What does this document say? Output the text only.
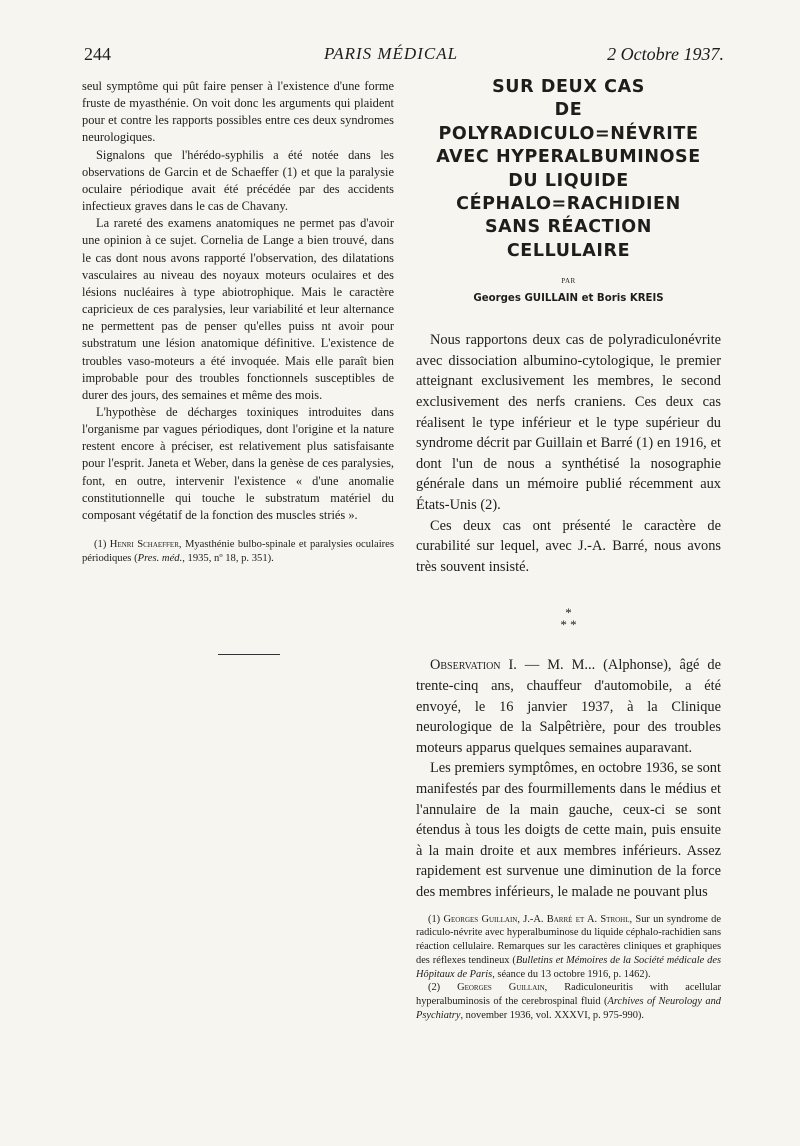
244	PARIS MÉDICAL	2 Octobre 1937.

seul symptôme qui pût faire penser à l'existence d'une forme fruste de myasthénie. On voit donc les arguments qui plaident pour et contre les rapports possibles entre ces deux syndromes neurologiques.

Signalons que l'hérédo-syphilis a été notée dans les observations de Garcin et de Schaeffer (1) et que la paralysie oculaire périodique avait été précédée par des accidents infectieux graves dans le cas de Chavany.

La rareté des examens anatomiques ne permet pas d'avoir une opinion à ce sujet. Cornelia de Lange a bien trouvé, dans le cas dont nous avons rapporté l'observation, des dilatations vasculaires au niveau des noyaux moteurs oculaires et des lésions nucléaires à type abiotrophique. Mais le caractère capricieux de ces paralysies, leur variabilité et leur alternance ne permettent pas de penser qu'elles puiss nt avoir pour substratum une lésion anatomique définitive. L'existence de troubles vaso-moteurs a été invoquée. Mais elle paraît bien improbable pour des troubles fonctionnels susceptibles de durer des jours, des semaines et même des mois.

L'hypothèse de décharges toxiniques introduites dans l'organisme par vagues périodiques, dont l'origine et la nature restent encore à préciser, est relativement plus satisfaisante pour l'esprit. Janeta et Weber, dans la genèse de ces paralysies, font, en outre, intervenir l'existence « d'une anomalie constitutionnelle qui touche le substratum matériel du composant végétatif de la fonction des muscles striés ».

(1) Henri Schaeffer, Myasthénie bulbo-spinale et paralysies oculaires périodiques (Pres. méd., 1935, nº 18, p. 351).

SUR DEUX CAS

DE

POLYRADICULO=NÉVRITE

AVEC HYPERALBUMINOSE

DU LIQUIDE

CÉPHALO=RACHIDIEN

SANS RÉACTION

CELLULAIRE

PAR
Georges GUILLAIN et Boris KREIS

Nous rapportons deux cas de polyradiculonévrite avec dissociation albumino-cytologique, le premier atteignant exclusivement les membres, le second exclusivement des nerfs craniens. Ces deux cas réalisent le type inférieur et le type supérieur du syndrome décrit par Guillain et Barré (1) en 1916, et dont l'un de nous a synthétisé la nosographie générale dans un mémoire publié récemment aux États-Unis (2).

Ces deux cas ont présenté le caractère de curabilité sur lequel, avec J.-A. Barré, nous avons très souvent insisté.

*
* *

Observation I. — M. M... (Alphonse), âgé de trente-cinq ans, chauffeur d'automobile, a été envoyé, le 16 janvier 1937, à la Clinique neurologique de la Salpêtrière, pour des troubles moteurs apparus quelques semaines auparavant.

Les premiers symptômes, en octobre 1936, se sont manifestés par des fourmillements dans le médius et l'annulaire de la main gauche, ceux-ci se sont étendus à tous les doigts de cette main, puis ensuite à la main droite et aux membres inférieurs. Assez rapidement est survenue une diminution de la force des membres inférieurs, le malade ne pouvant plus

(1) Georges Guillain, J.-A. Barré et A. Strohl, Sur un syndrome de radiculo-névrite avec hyperalbuminose du liquide céphalo-rachidien sans réaction cellulaire. Remarques sur les caractères cliniques et graphiques des réflexes tendineux (Bulletins et Mémoires de la Société médicale des Hôpitaux de Paris, séance du 13 octobre 1916, p. 1462).

(2) Georges Guillain, Radiculoneuritis with acellular hyperalbuminosis of the cerebrospinal fluid (Archives of Neurology and Psychiatry, november 1936, vol. XXXVI, p. 975-990).
